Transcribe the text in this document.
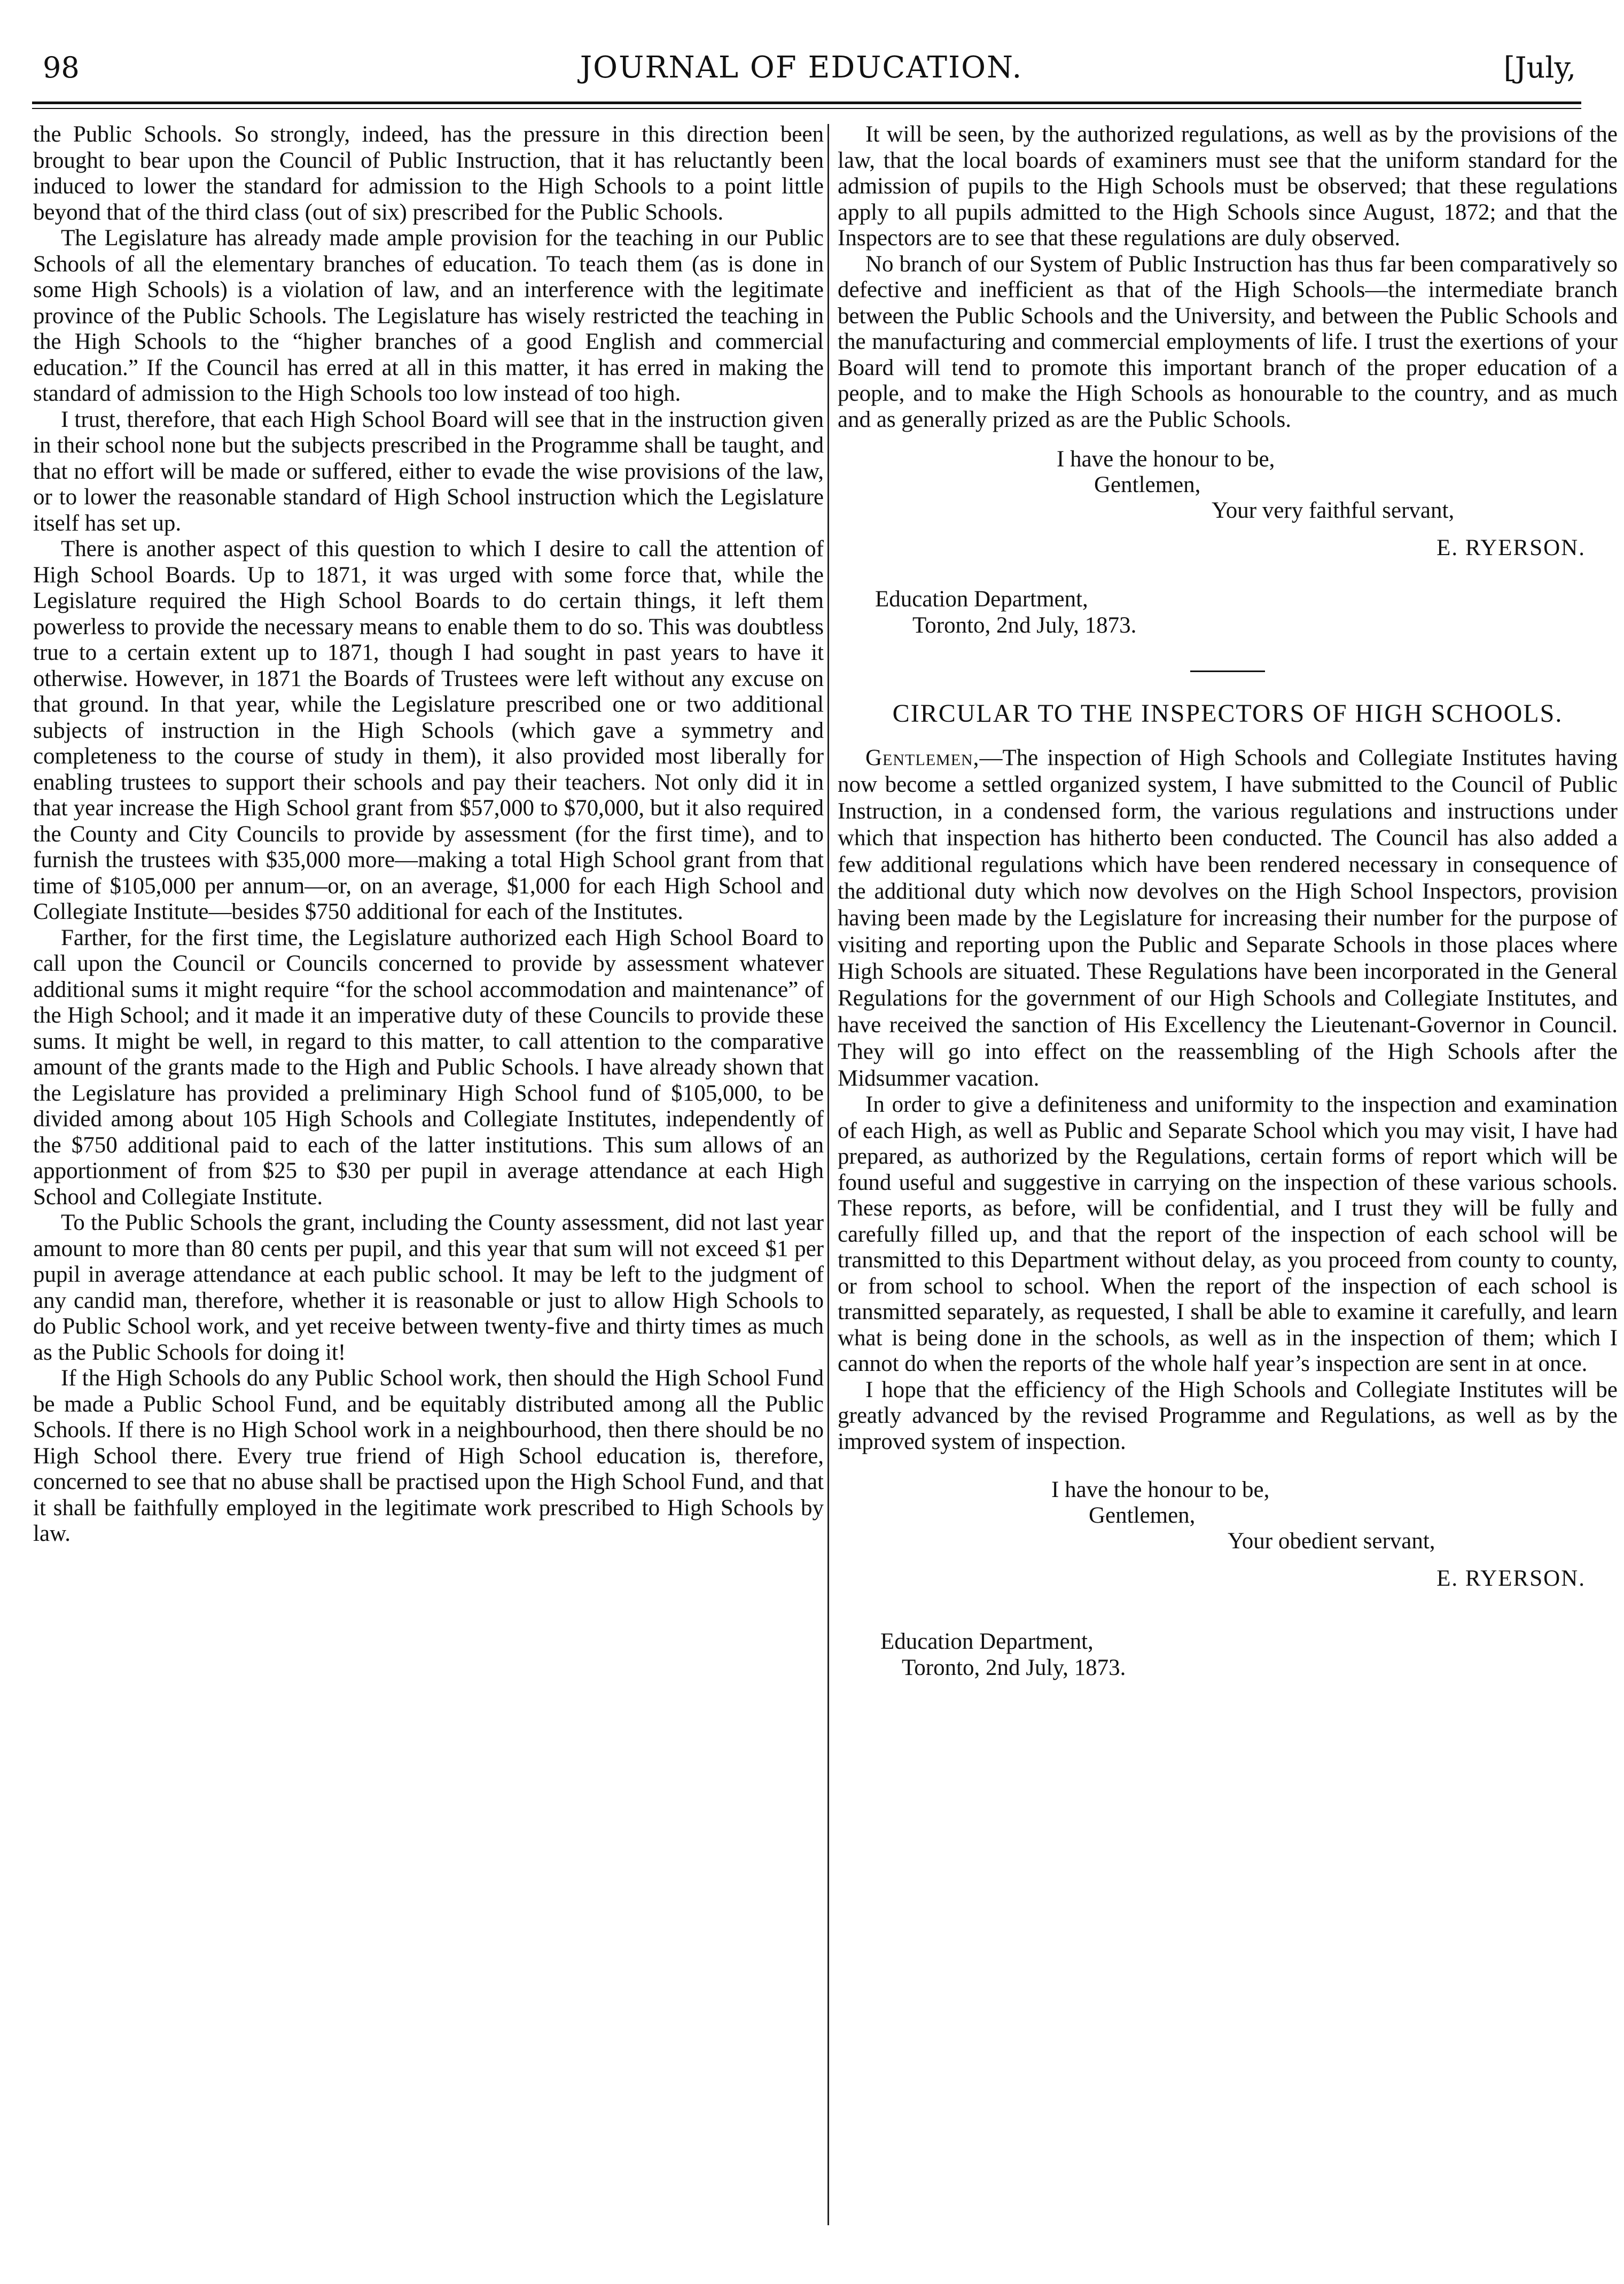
98	JOURNAL OF EDUCATION.	[July,

the Public Schools. So strongly, indeed, has the pressure in this direction been brought to bear upon the Council of Public Instruction, that it has reluctantly been induced to lower the standard for admission to the High Schools to a point little beyond that of the third class (out of six) prescribed for the Public Schools.

The Legislature has already made ample provision for the teaching in our Public Schools of all the elementary branches of education. To teach them (as is done in some High Schools) is a violation of law, and an interference with the legitimate province of the Public Schools. The Legislature has wisely restricted the teaching in the High Schools to the “higher branches of a good English and commercial education.” If the Council has erred at all in this matter, it has erred in making the standard of admission to the High Schools too low instead of too high.

I trust, therefore, that each High School Board will see that in the instruction given in their school none but the subjects prescribed in the Programme shall be taught, and that no effort will be made or suffered, either to evade the wise provisions of the law, or to lower the reasonable standard of High School instruction which the Legislature itself has set up.

There is another aspect of this question to which I desire to call the attention of High School Boards. Up to 1871, it was urged with some force that, while the Legislature required the High School Boards to do certain things, it left them powerless to provide the necessary means to enable them to do so. This was doubtless true to a certain extent up to 1871, though I had sought in past years to have it otherwise. However, in 1871 the Boards of Trustees were left without any excuse on that ground. In that year, while the Legislature prescribed one or two additional subjects of instruction in the High Schools (which gave a symmetry and completeness to the course of study in them), it also provided most liberally for enabling trustees to support their schools and pay their teachers. Not only did it in that year increase the High School grant from $57,000 to $70,000, but it also required the County and City Councils to provide by assessment (for the first time), and to furnish the trustees with $35,000 more—making a total High School grant from that time of $105,000 per annum—or, on an average, $1,000 for each High School and Collegiate Institute—besides $750 additional for each of the Institutes.

Farther, for the first time, the Legislature authorized each High School Board to call upon the Council or Councils concerned to provide by assessment whatever additional sums it might require “for the school accommodation and maintenance” of the High School; and it made it an imperative duty of these Councils to provide these sums. It might be well, in regard to this matter, to call attention to the comparative amount of the grants made to the High and Public Schools. I have already shown that the Legislature has provided a preliminary High School fund of $105,000, to be divided among about 105 High Schools and Collegiate Institutes, independently of the $750 additional paid to each of the latter institutions. This sum allows of an apportionment of from $25 to $30 per pupil in average attendance at each High School and Collegiate Institute.

To the Public Schools the grant, including the County assessment, did not last year amount to more than 80 cents per pupil, and this year that sum will not exceed $1 per pupil in average attendance at each public school. It may be left to the judgment of any candid man, therefore, whether it is reasonable or just to allow High Schools to do Public School work, and yet receive between twenty-five and thirty times as much as the Public Schools for doing it!

If the High Schools do any Public School work, then should the High School Fund be made a Public School Fund, and be equitably distributed among all the Public Schools. If there is no High School work in a neighbourhood, then there should be no High School there. Every true friend of High School education is, therefore, concerned to see that no abuse shall be practised upon the High School Fund, and that it shall be faithfully employed in the legitimate work prescribed to High Schools by law.

It will be seen, by the authorized regulations, as well as by the provisions of the law, that the local boards of examiners must see that the uniform standard for the admission of pupils to the High Schools must be observed; that these regulations apply to all pupils admitted to the High Schools since August, 1872; and that the Inspectors are to see that these regulations are duly observed.

No branch of our System of Public Instruction has thus far been comparatively so defective and inefficient as that of the High Schools—the intermediate branch between the Public Schools and the University, and between the Public Schools and the manufacturing and commercial employments of life. I trust the exertions of your Board will tend to promote this important branch of the proper education of a people, and to make the High Schools as honourable to the country, and as much and as generally prized as are the Public Schools.

I have the honour to be,
Gentlemen,
Your very faithful servant,
E. RYERSON.
Education Department,
Toronto, 2nd July, 1873.
CIRCULAR TO THE INSPECTORS OF HIGH SCHOOLS.

Gentlemen,—The inspection of High Schools and Collegiate Institutes having now become a settled organized system, I have submitted to the Council of Public Instruction, in a condensed form, the various regulations and instructions under which that inspection has hitherto been conducted. The Council has also added a few additional regulations which have been rendered necessary in consequence of the additional duty which now devolves on the High School Inspectors, provision having been made by the Legislature for increasing their number for the purpose of visiting and reporting upon the Public and Separate Schools in those places where High Schools are situated. These Regulations have been incorporated in the General Regulations for the government of our High Schools and Collegiate Institutes, and have received the sanction of His Excellency the Lieutenant-Governor in Council. They will go into effect on the reassembling of the High Schools after the Midsummer vacation.

In order to give a definiteness and uniformity to the inspection and examination of each High, as well as Public and Separate School which you may visit, I have had prepared, as authorized by the Regulations, certain forms of report which will be found useful and suggestive in carrying on the inspection of these various schools. These reports, as before, will be confidential, and I trust they will be fully and carefully filled up, and that the report of the inspection of each school will be transmitted to this Department without delay, as you proceed from county to county, or from school to school. When the report of the inspection of each school is transmitted separately, as requested, I shall be able to examine it carefully, and learn what is being done in the schools, as well as in the inspection of them; which I cannot do when the reports of the whole half year’s inspection are sent in at once.

I hope that the efficiency of the High Schools and Collegiate Institutes will be greatly advanced by the revised Programme and Regulations, as well as by the improved system of inspection.

I have the honour to be,
Gentlemen,
Your obedient servant,
E. RYERSON.
Education Department,
Toronto, 2nd July, 1873.
